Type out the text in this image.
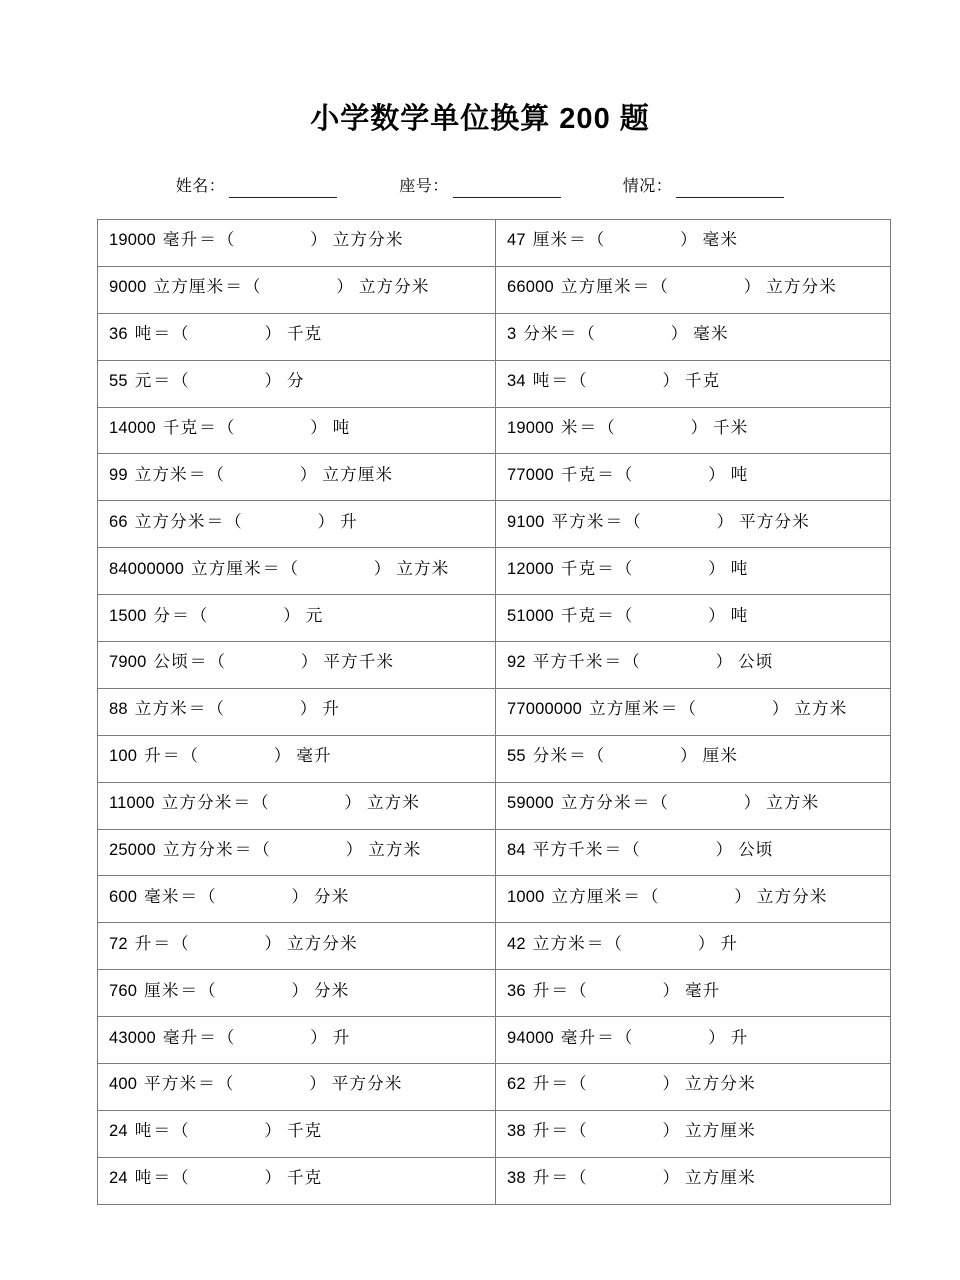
小学数学单位换算 200 题
姓名：	座号：	情况：
19000 毫升＝ （ ） 立方分米	47 厘米＝ （ ） 毫米
9000 立方厘米＝ （ ） 立方分米	66000 立方厘米＝ （ ） 立方分米
36 吨＝ （ ） 千克	3 分米＝ （ ） 毫米
55 元＝ （ ） 分	34 吨＝ （ ） 千克
14000 千克＝ （ ） 吨	19000 米＝ （ ） 千米
99 立方米＝ （ ） 立方厘米	77000 千克＝ （ ） 吨
66 立方分米＝ （ ） 升	9100 平方米＝ （ ） 平方分米
84000000 立方厘米＝ （ ） 立方米	12000 千克＝ （ ） 吨
1500 分＝ （ ） 元	51000 千克＝ （ ） 吨
7900 公顷＝ （ ） 平方千米	92 平方千米＝ （ ） 公顷
88 立方米＝ （ ） 升	77000000 立方厘米＝ （ ） 立方米
100 升＝ （ ） 毫升	55 分米＝ （ ） 厘米
11000 立方分米＝ （ ） 立方米	59000 立方分米＝ （ ） 立方米
25000 立方分米＝ （ ） 立方米	84 平方千米＝ （ ） 公顷
600 毫米＝ （ ） 分米	1000 立方厘米＝ （ ） 立方分米
72 升＝ （ ） 立方分米	42 立方米＝ （ ） 升
760 厘米＝ （ ） 分米	36 升＝ （ ） 毫升
43000 毫升＝ （ ） 升	94000 毫升＝ （ ） 升
400 平方米＝ （ ） 平方分米	62 升＝ （ ） 立方分米
24 吨＝ （ ） 千克	38 升＝ （ ） 立方厘米
24 吨＝ （ ） 千克	38 升＝ （ ） 立方厘米
